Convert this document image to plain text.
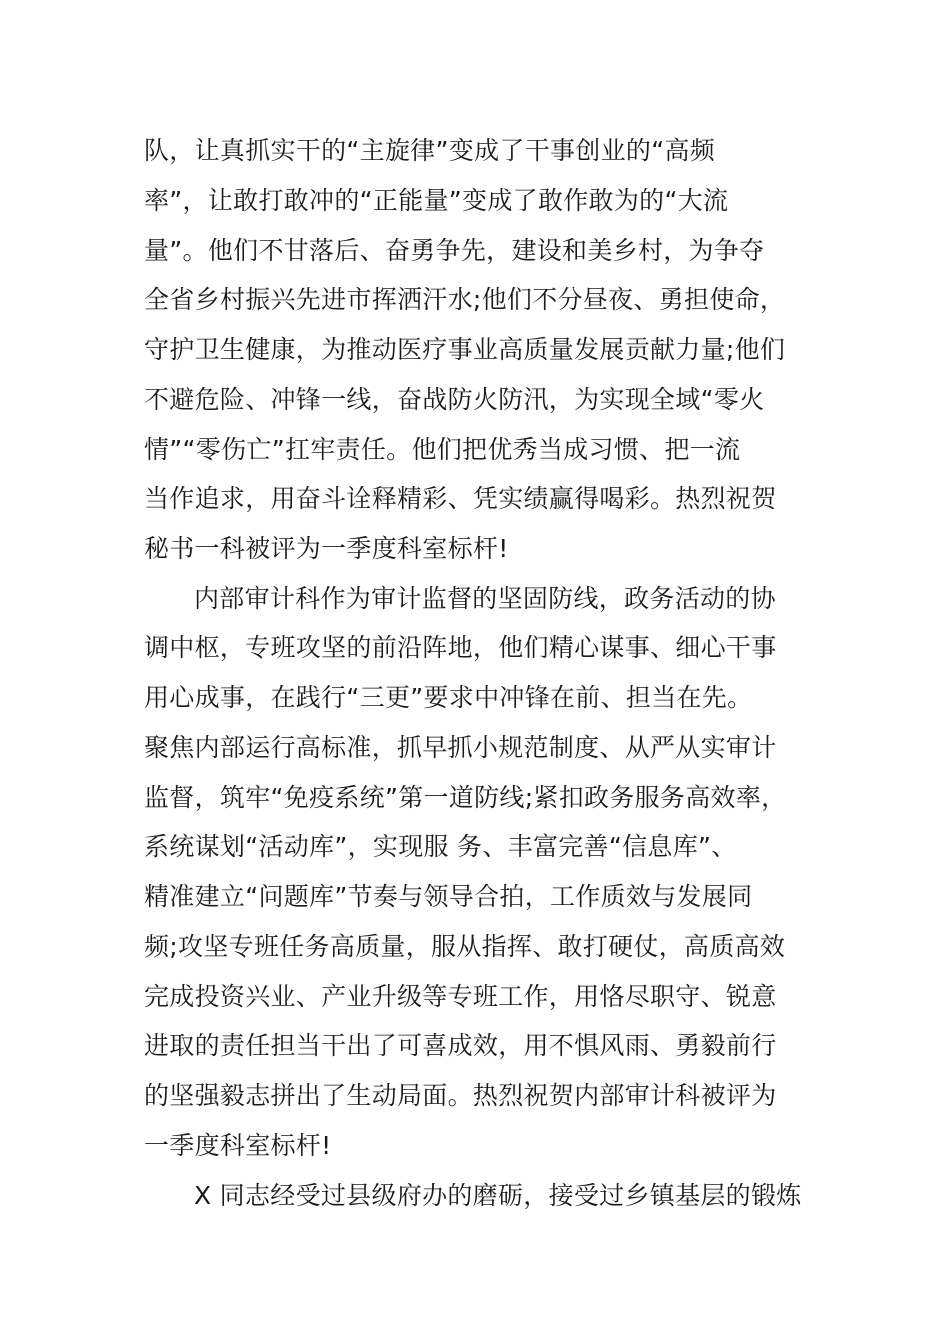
队，让真抓实干的“主旋律”变成了干事创业的“高频
率”，让敢打敢冲的“正能量”变成了敢作敢为的“大流
量”。他们不甘落后、奋勇争先，建设和美乡村，为争夺
全省乡村振兴先进市挥洒汗水;他们不分昼夜、勇担使命，
守护卫生健康，为推动医疗事业高质量发展贡献力量;他们
不避危险、冲锋一线，奋战防火防汛，为实现全域“零火
情”“零伤亡”扛牢责任。他们把优秀当成习惯、把一流
当作追求，用奋斗诠释精彩、凭实绩赢得喝彩。热烈祝贺
秘书一科被评为一季度科室标杆!
内部审计科作为审计监督的坚固防线，政务活动的协
调中枢，专班攻坚的前沿阵地，他们精心谋事、细心干事
用心成事，在践行“三更”要求中冲锋在前、担当在先。
聚焦内部运行高标准，抓早抓小规范制度、从严从实审计
监督，筑牢“免疫系统”第一道防线;紧扣政务服务高效率，
系统谋划“活动库”，实现服 务、丰富完善“信息库”、
精准建立“问题库”节奏与领导合拍，工作质效与发展同
频;攻坚专班任务高质量，服从指挥、敢打硬仗，高质高效
完成投资兴业、产业升级等专班工作，用恪尽职守、锐意
进取的责任担当干出了可喜成效，用不惧风雨、勇毅前行
的坚强毅志拼出了生动局面。热烈祝贺内部审计科被评为
一季度科室标杆!
X 同志经受过县级府办的磨砺，接受过乡镇基层的锻炼
